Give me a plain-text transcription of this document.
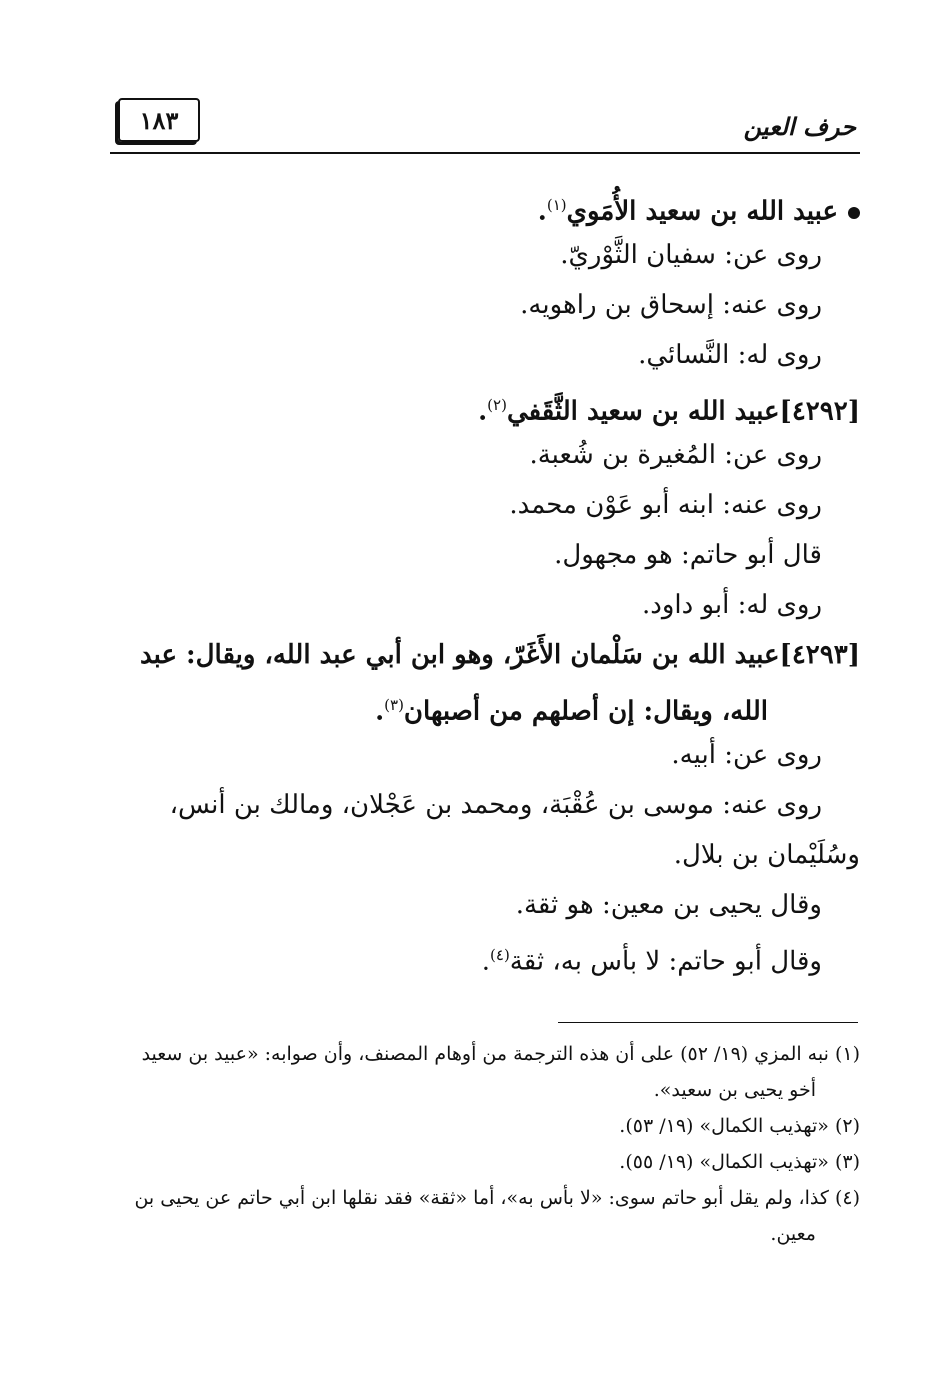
١٨٣	حرف العين
عبيد الله بن سعيد الأُمَوي$^{(١)}$.
روى عن: سفيان الثَّوْريّ.
روى عنه: إسحاق بن راهويه.
روى له: النَّسائي.
[٤٢٩٢]عبيد الله بن سعيد الثَّقَفي$^{(٢)}$.
روى عن: المُغيرة بن شُعبة.
روى عنه: ابنه أبو عَوْن محمد.
قال أبو حاتم: هو مجهول.
روى له: أبو داود.
[٤٢٩٣]عبيد الله بن سَلْمان الأَغَرّ، وهو ابن أبي عبد الله، ويقال: عبد
الله، ويقال: إن أصلهم من أصبهان$^{(٣)}$.
روى عن: أبيه.
روى عنه: موسى بن عُقْبَة، ومحمد بن عَجْلان، ومالك بن أنس،
وسُلَيْمان بن بلال.
وقال يحيى بن معين: هو ثقة.
وقال أبو حاتم: لا بأس به، ثقة$^{(٤)}$.
(١) نبه المزي (١٩/ ٥٢) على أن هذه الترجمة من أوهام المصنف، وأن صوابه: «عبيد بن سعيد
أخو يحيى بن سعيد».
(٢) «تهذيب الكمال» (١٩/ ٥٣).
(٣) «تهذيب الكمال» (١٩/ ٥٥).
(٤) كذا، ولم يقل أبو حاتم سوى: «لا بأس به»، أما «ثقة» فقد نقلها ابن أبي حاتم عن يحيى بن
معين.
